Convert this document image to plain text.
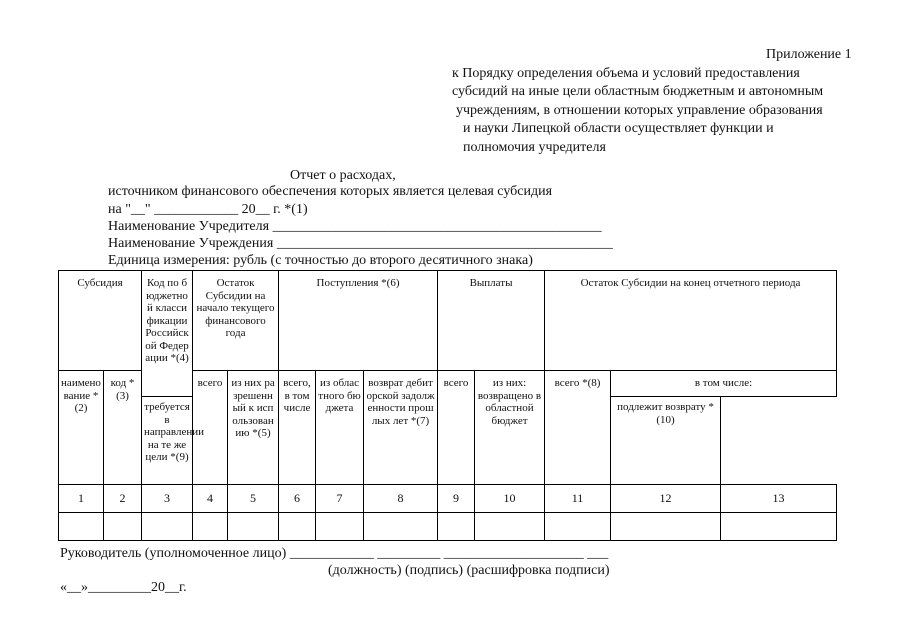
Приложение 1
к Порядку определения объема и условий предоставления
субсидий на иные цели областным бюджетным и автономным
учреждениям, в отношении которых управление образования
и науки Липецкой области осуществляет функции и
полномочия учредителя
Отчет о расходах,
источником финансового обеспечения которых является целевая субсидия
на "__" ____________ 20__ г. *(1)
Наименование Учредителя _______________________________________________
Наименование Учреждения ________________________________________________
Единица измерения: рубль (с точностью до второго десятичного знака)
Субсидия		Код по бюджетной классификации Российской Федерации *(4)	Остаток Субсидии на начало текущего финансового года		Поступления *(6)			Выплаты		Остаток Субсидии на конец отчетного периода		
наименование *(2)	код *(3)		всего	из них разрешенный к использованию *(5)	всего, в том числе	из областного бюджета	возврат дебиторской задолженности прошлых лет *(7)	всего	из них: возвращено в областной бюджет	всего *(8)	в том числе:	
		требуется в направлении на те же цели *(9)									подлежит возврату *(10)	
1	2	3	4	5	6	7	8	9	10	11	12	13

Руководитель (уполномоченное лицо) ____________ _________ ____________________ ___
(должность) (подпись) (расшифровка подписи)
«__»_________20__г.
